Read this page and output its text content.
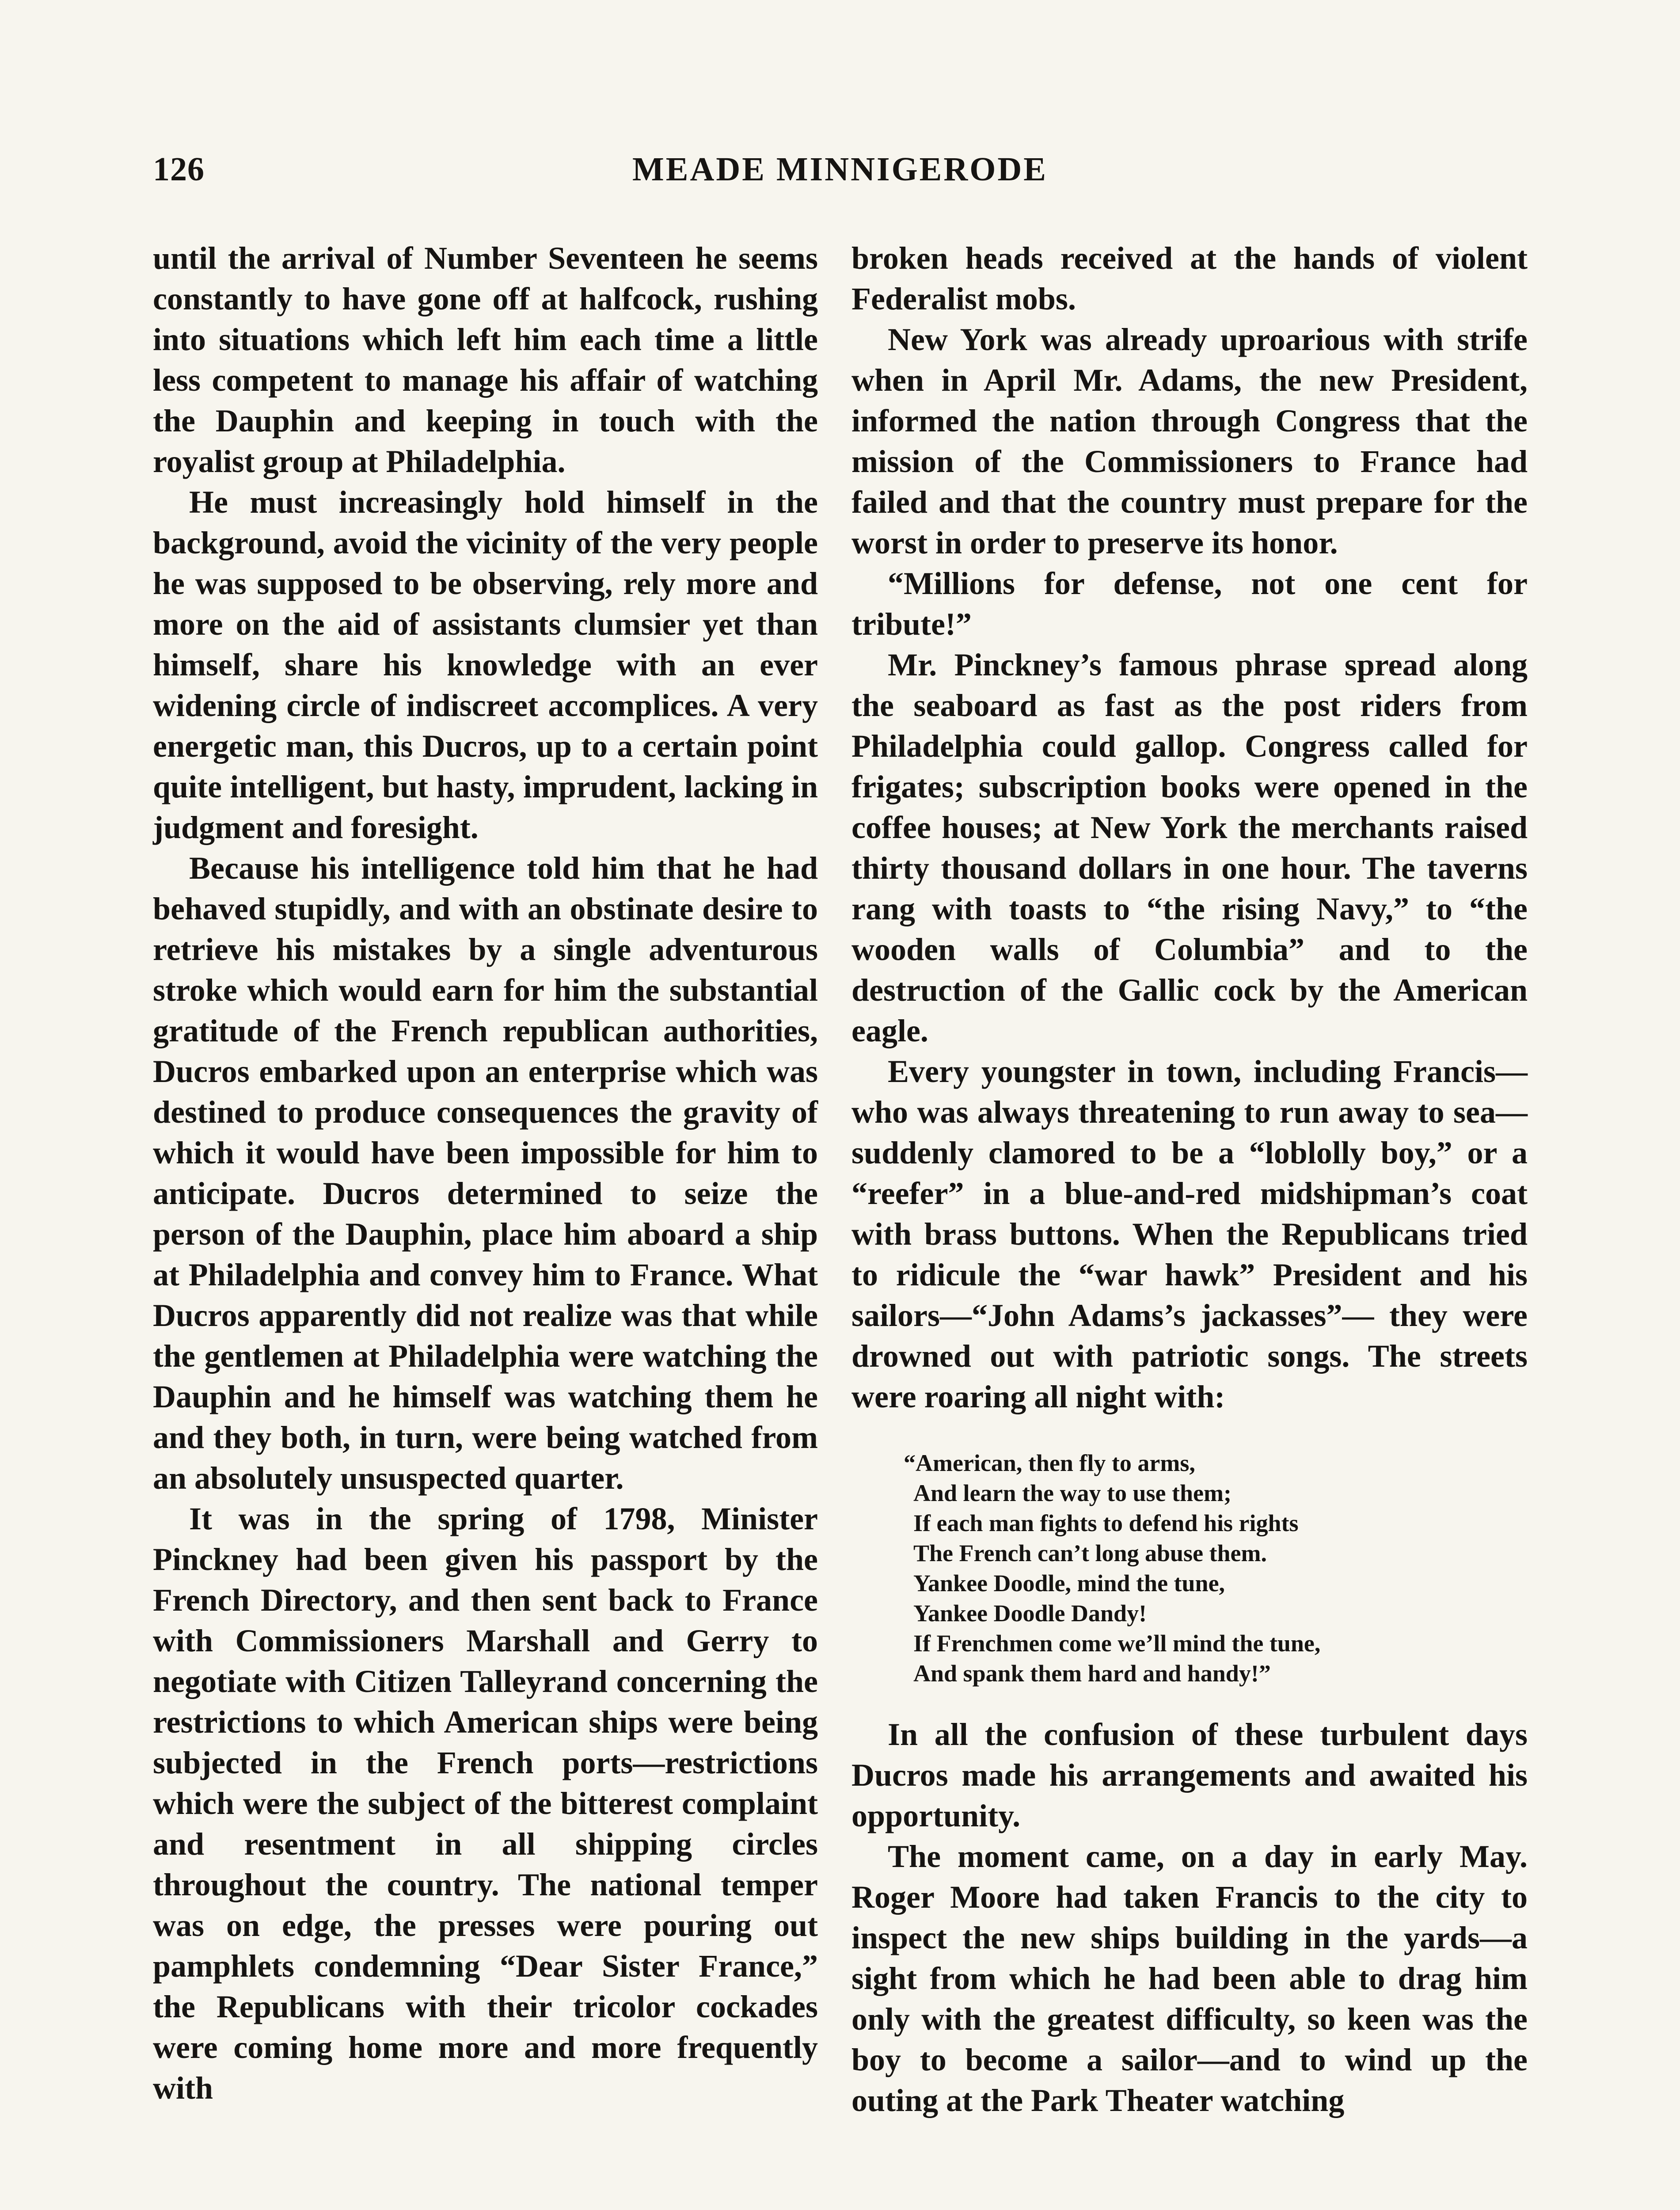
126	MEADE MINNIGERODE

until the arrival of Number Seventeen he seems constantly to have gone off at halfcock, rushing into situations which left him each time a little less competent to manage his affair of watching the Dauphin and keeping in touch with the royalist group at Philadelphia.

He must increasingly hold himself in the background, avoid the vicinity of the very people he was supposed to be observing, rely more and more on the aid of assistants clumsier yet than himself, share his knowledge with an ever widening circle of indiscreet accomplices. A very energetic man, this Ducros, up to a certain point quite intelligent, but hasty, imprudent, lacking in judgment and foresight.

Because his intelligence told him that he had behaved stupidly, and with an obstinate desire to retrieve his mistakes by a single adventurous stroke which would earn for him the substantial gratitude of the French republican authorities, Ducros embarked upon an enterprise which was destined to produce consequences the gravity of which it would have been impossible for him to anticipate. Ducros determined to seize the person of the Dauphin, place him aboard a ship at Philadelphia and convey him to France. What Ducros apparently did not realize was that while the gentlemen at Philadelphia were watching the Dauphin and he himself was watching them he and they both, in turn, were being watched from an absolutely unsuspected quarter.

It was in the spring of 1798, Minister Pinckney had been given his passport by the French Directory, and then sent back to France with Commissioners Marshall and Gerry to negotiate with Citizen Talleyrand concerning the restrictions to which American ships were being subjected in the French ports—restrictions which were the subject of the bitterest complaint and resentment in all shipping circles throughout the country. The national temper was on edge, the presses were pouring out pamphlets condemning “Dear Sister France,” the Republicans with their tricolor cockades were coming home more and more frequently with

broken heads received at the hands of violent Federalist mobs.

New York was already uproarious with strife when in April Mr. Adams, the new President, informed the nation through Congress that the mission of the Commissioners to France had failed and that the country must prepare for the worst in order to preserve its honor.

“Millions for defense, not one cent for tribute!”

Mr. Pinckney’s famous phrase spread along the seaboard as fast as the post riders from Philadelphia could gallop. Congress called for frigates; subscription books were opened in the coffee houses; at New York the merchants raised thirty thousand dollars in one hour. The taverns rang with toasts to “the rising Navy,” to “the wooden walls of Columbia” and to the destruction of the Gallic cock by the American eagle.

Every youngster in town, including Francis—who was always threatening to run away to sea—suddenly clamored to be a “loblolly boy,” or a “reefer” in a blue-and-red midshipman’s coat with brass buttons. When the Republicans tried to ridicule the “war hawk” President and his sailors—“John Adams’s jackasses”— they were drowned out with patriotic songs. The streets were roaring all night with:

“American, then fly to arms,
And learn the way to use them;
If each man fights to defend his rights
The French can’t long abuse them.
Yankee Doodle, mind the tune,
Yankee Doodle Dandy!
If Frenchmen come we’ll mind the tune,
And spank them hard and handy!”

In all the confusion of these turbulent days Ducros made his arrangements and awaited his opportunity.

The moment came, on a day in early May. Roger Moore had taken Francis to the city to inspect the new ships building in the yards—a sight from which he had been able to drag him only with the greatest difficulty, so keen was the boy to become a sailor—and to wind up the outing at the Park Theater watching
